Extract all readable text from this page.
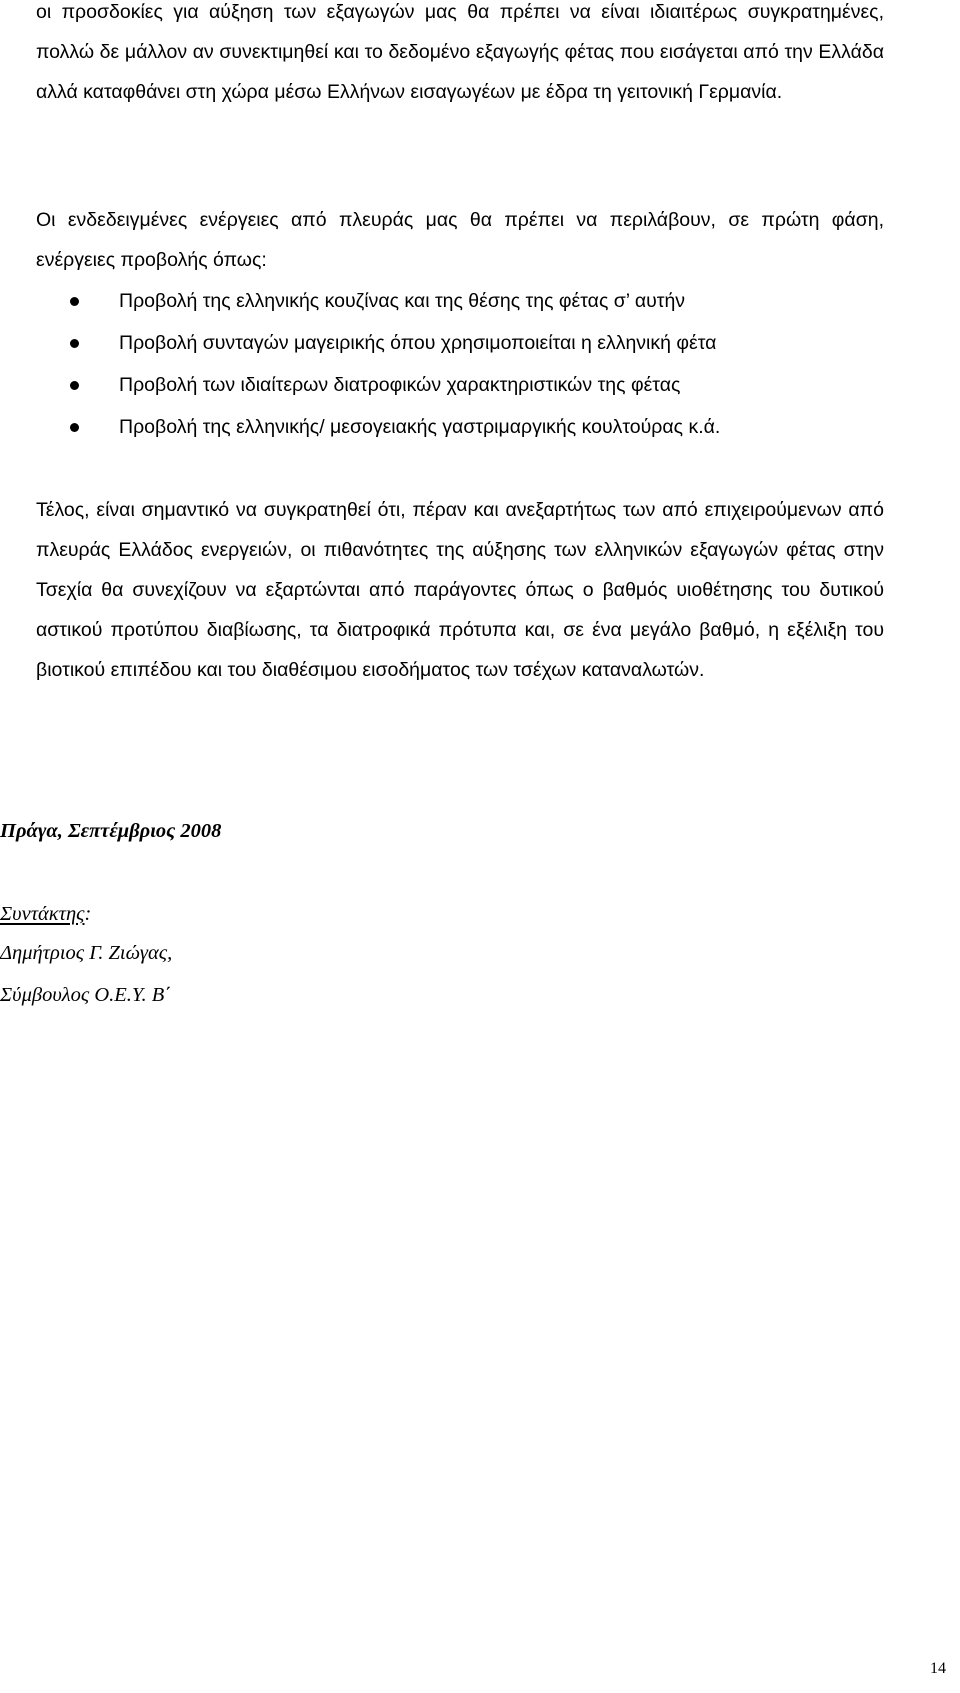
οι προσδοκίες για αύξηση των εξαγωγών μας θα πρέπει να είναι ιδιαιτέρως συγκρατημένες, πολλώ δε μάλλον αν συνεκτιμηθεί και το δεδομένο εξαγωγής φέτας που εισάγεται από την Ελλάδα αλλά καταφθάνει στη χώρα μέσω Ελλήνων εισαγωγέων με έδρα τη γειτονική Γερμανία.

Οι ενδεδειγμένες ενέργειες από πλευράς μας θα πρέπει να περιλάβουν, σε πρώτη φάση, ενέργειες προβολής όπως:

Προβολή της ελληνικής κουζίνας και της θέσης της φέτας σ’ αυτήν
Προβολή συνταγών μαγειρικής όπου χρησιμοποιείται η ελληνική φέτα
Προβολή των ιδιαίτερων διατροφικών χαρακτηριστικών της φέτας
Προβολή της ελληνικής/ μεσογειακής γαστριμαργικής κουλτούρας κ.ά.

Τέλος, είναι σημαντικό να συγκρατηθεί ότι, πέραν και ανεξαρτήτως των από επιχειρούμενων από πλευράς Ελλάδος ενεργειών, οι πιθανότητες της αύξησης των ελληνικών εξαγωγών φέτας στην Τσεχία θα συνεχίζουν να εξαρτώνται από παράγοντες όπως ο βαθμός υιοθέτησης του δυτικού αστικού προτύπου διαβίωσης, τα διατροφικά πρότυπα και, σε ένα μεγάλο βαθμό, η εξέλιξη του βιοτικού επιπέδου και του διαθέσιμου εισοδήματος των τσέχων καταναλωτών.

Πράγα, Σεπτέμβριος 2008
Συντάκτης:
Δημήτριος Γ. Ζιώγας,
Σύμβουλος Ο.Ε.Υ. Β΄
14
